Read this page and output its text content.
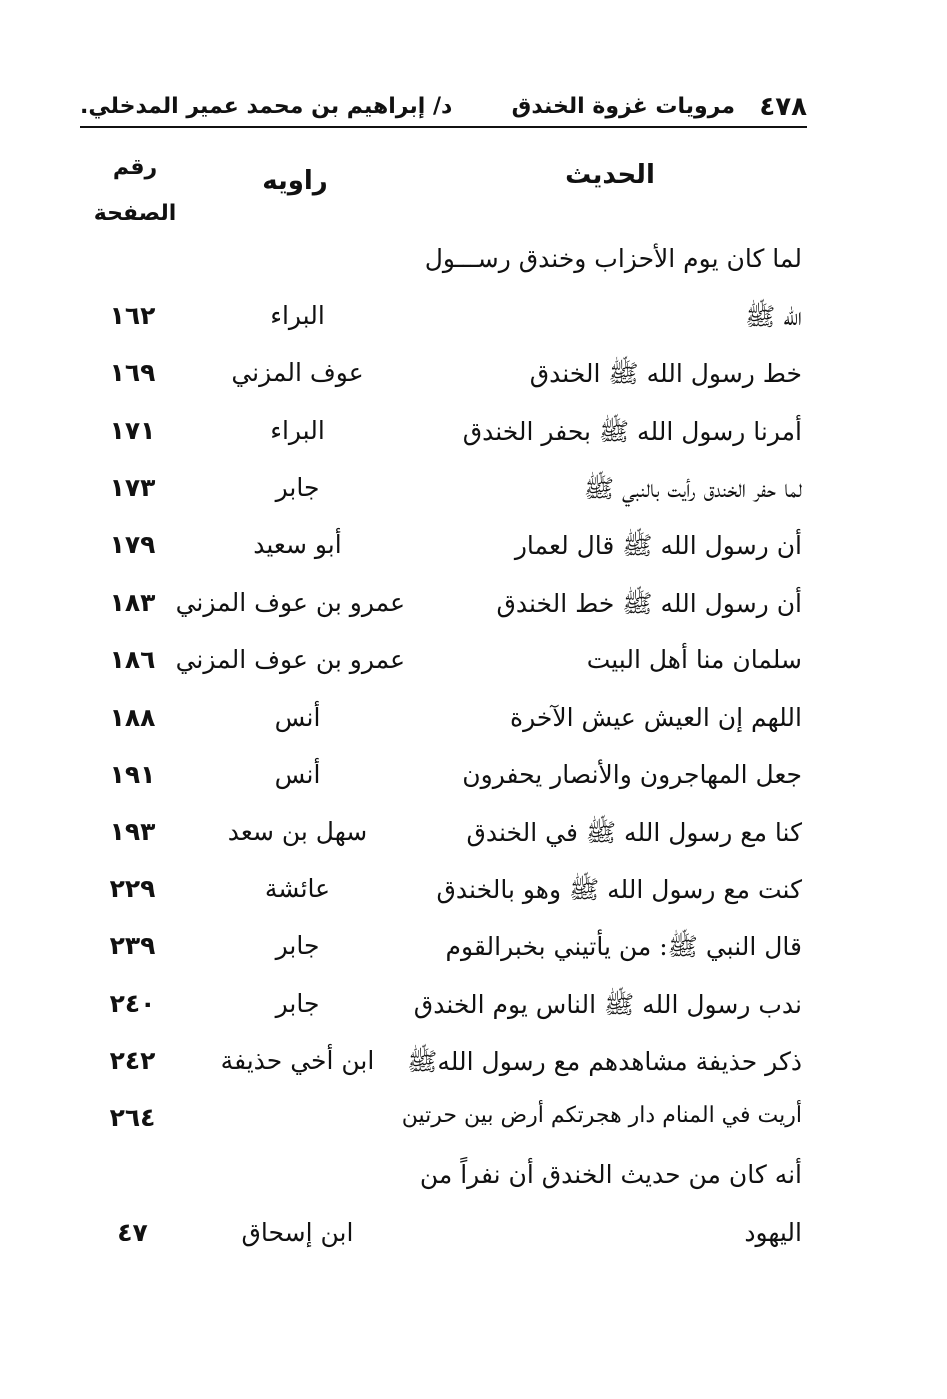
٤٧٨
مرويات غزوة الخندق
د/ إبراهيم بن محمد عمير المدخلي.
الحديث
راويه
رقم
الصفحة
لما كان يوم الأحزاب وخندق رســـول
الله ﷺ
البراء
١٦٢
خط رسول الله ﷺ الخندق
عوف المزني
١٦٩
أمرنا رسول الله ﷺ بحفر الخندق
البراء
١٧١
لما حفر الخندق رأيت بالنبي ﷺ
جابر
١٧٣
أن رسول الله ﷺ قال لعمار
أبو سعيد
١٧٩
أن رسول الله ﷺ خط الخندق
عمرو بن عوف المزني
١٨٣
سلمان منا أهل البيت
عمرو بن عوف المزني
١٨٦
اللهم إن العيش عيش الآخرة
أنس
١٨٨
جعل المهاجرون والأنصار يحفرون
أنس
١٩١
كنا مع رسول الله ﷺ في الخندق
سهل بن سعد
١٩٣
كنت مع رسول الله ﷺ وهو بالخندق
عائشة
٢٢٩
قال النبي ﷺ: من يأتيني بخبرالقوم
جابر
٢٣٩
ندب رسول الله ﷺ الناس يوم الخندق
جابر
٢٤٠
ذكر حذيفة مشاهدهم مع رسول اللهﷺ
ابن أخي حذيفة
٢٤٢
أريت في المنام دار هجرتكم أرض بين حرتين
٢٦٤
أنه كان من حديث الخندق أن نفراً من
اليهود
ابن إسحاق
٤٧
